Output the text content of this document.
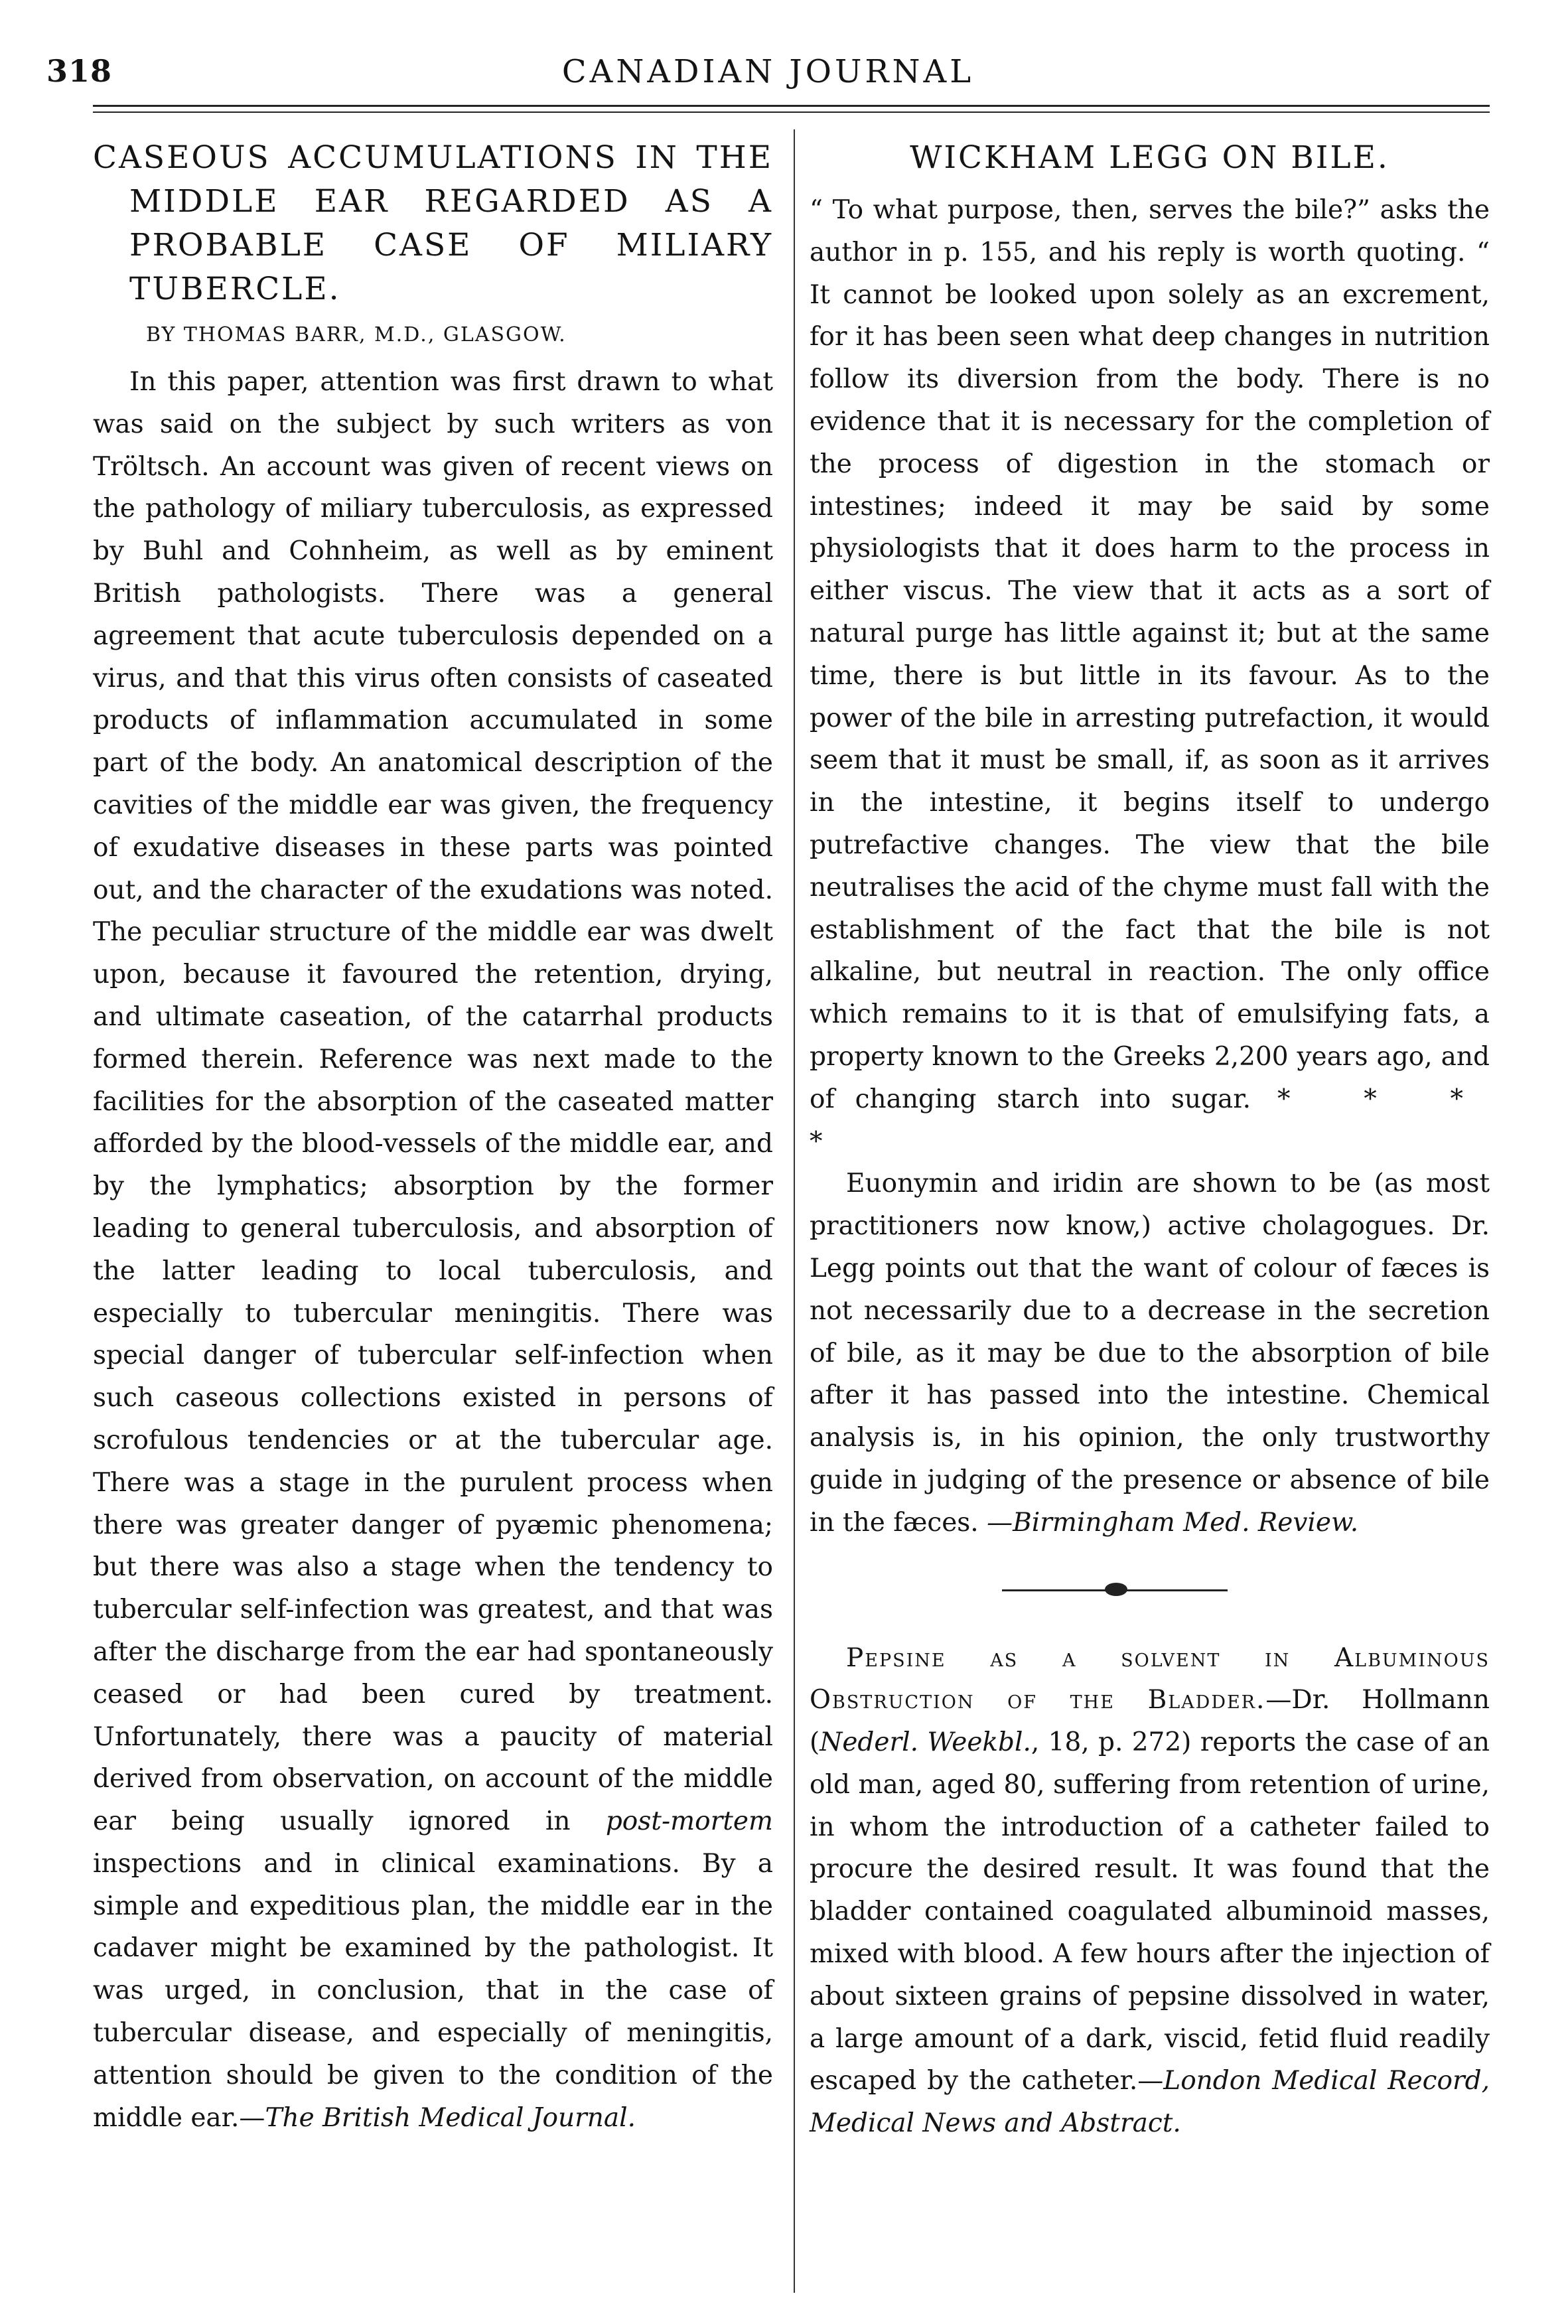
318	CANADIAN JOURNAL
CASEOUS ACCUMULATIONS IN THE
MIDDLE EAR REGARDED AS A
PROBABLE CASE OF MILIARY
TUBERCLE.
BY THOMAS BARR, M.D., GLASGOW.

In this paper, attention was first drawn to what was said on the subject by such writers as von Tröltsch. An account was given of recent views on the pathology of miliary tuberculosis, as expressed by Buhl and Cohnheim, as well as by eminent British pathologists. There was a general agreement that acute tuberculosis depended on a virus, and that this virus often consists of caseated products of inflammation accumulated in some part of the body. An anatomical description of the cavities of the middle ear was given, the frequency of exudative diseases in these parts was pointed out, and the character of the exudations was noted. The peculiar structure of the middle ear was dwelt upon, because it favoured the retention, drying, and ultimate caseation, of the catarrhal products formed therein. Reference was next made to the facilities for the absorption of the caseated matter afforded by the blood-vessels of the middle ear, and by the lymphatics; absorption by the former leading to general tuberculosis, and absorption of the latter leading to local tuberculosis, and especially to tubercular meningitis. There was special danger of tubercular self-infection when such caseous collections existed in persons of scrofulous tendencies or at the tubercular age. There was a stage in the purulent process when there was greater danger of pyæmic phenomena; but there was also a stage when the tendency to tubercular self-infection was greatest, and that was after the discharge from the ear had spontaneously ceased or had been cured by treatment. Unfortunately, there was a paucity of material derived from observation, on account of the middle ear being usually ignored in post-mortem inspections and in clinical examinations. By a simple and expeditious plan, the middle ear in the cadaver might be examined by the pathologist. It was urged, in conclusion, that in the case of tubercular disease, and especially of meningitis, attention should be given to the condition of the middle ear.—The British Medical Journal.

WICKHAM LEGG ON BILE.

“ To what purpose, then, serves the bile?” asks the author in p. 155, and his reply is worth quoting. “ It cannot be looked upon solely as an excrement, for it has been seen what deep changes in nutrition follow its diversion from the body. There is no evidence that it is necessary for the completion of the process of digestion in the stomach or intestines; indeed it may be said by some physiologists that it does harm to the process in either viscus. The view that it acts as a sort of natural purge has little against it; but at the same time, there is but little in its favour. As to the power of the bile in arresting putrefaction, it would seem that it must be small, if, as soon as it arrives in the intestine, it begins itself to undergo putrefactive changes. The view that the bile neutralises the acid of the chyme must fall with the establishment of the fact that the bile is not alkaline, but neutral in reaction. The only office which remains to it is that of emulsifying fats, a property known to the Greeks 2,200 years ago, and of changing starch into sugar. * * * *

Euonymin and iridin are shown to be (as most practitioners now know,) active cholagogues. Dr. Legg points out that the want of colour of fæces is not necessarily due to a decrease in the secretion of bile, as it may be due to the absorption of bile after it has passed into the intestine. Chemical analysis is, in his opinion, the only trustworthy guide in judging of the presence or absence of bile in the fæces. —Birmingham Med. Review.

Pepsine as a solvent in Albuminous Obstruction of the Bladder.—Dr. Hollmann (Nederl. Weekbl., 18, p. 272) reports the case of an old man, aged 80, suffering from retention of urine, in whom the introduction of a catheter failed to procure the desired result. It was found that the bladder contained coagulated albuminoid masses, mixed with blood. A few hours after the injection of about sixteen grains of pepsine dissolved in water, a large amount of a dark, viscid, fetid fluid readily escaped by the catheter.—London Medical Record, Medical News and Abstract.
